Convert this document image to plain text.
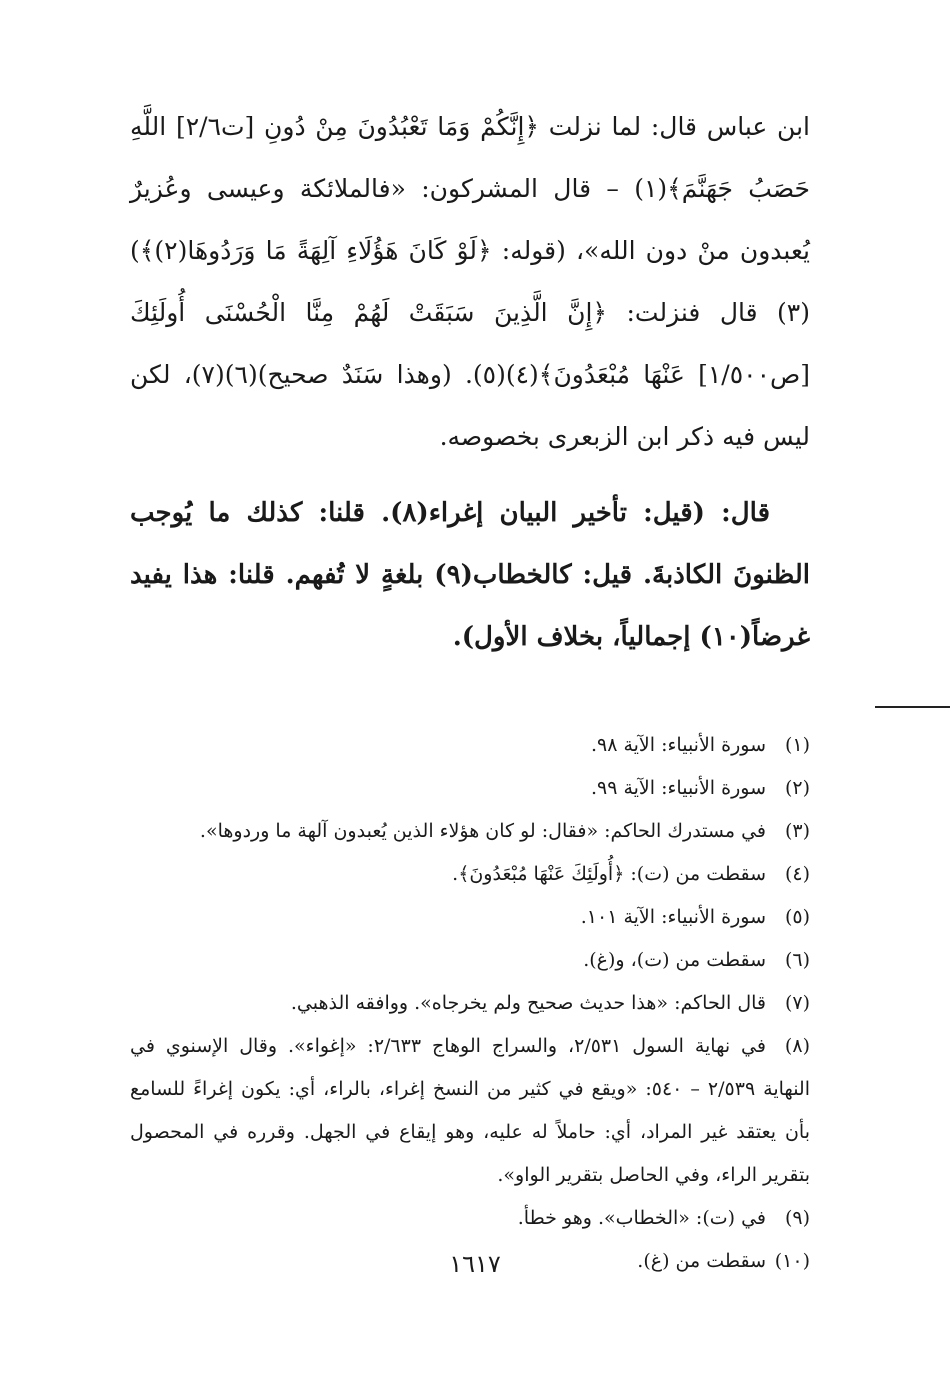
ابن عباس قال: لما نزلت ﴿إِنَّكُمْ وَمَا تَعْبُدُونَ مِنْ دُونِ [ت٢/٦] اللَّهِ حَصَبُ جَهَنَّمَ﴾(١) – قال المشركون: «فالملائكة وعيسى وعُزيرٌ يُعبدون منْ دون الله»، (قوله: ﴿لَوْ كَانَ هَؤُلَاءِ آلِهَةً مَا وَرَدُوهَا(٢)﴾)(٣) قال فنزلت: ﴿إِنَّ الَّذِينَ سَبَقَتْ لَهُمْ مِنَّا الْحُسْنَى أُولَئِكَ [ص١/٥٠٠] عَنْهَا مُبْعَدُونَ﴾(٤)(٥). (وهذا سَنَدٌ صحيح)(٦)(٧)، لكن ليس فيه ذكر ابن الزبعرى بخصوصه.

قال: (قيل: تأخير البيان إغراء(٨). قلنا: كذلك ما يُوجب الظنونَ الكاذبةَ. قيل: كالخطاب(٩) بلغةٍ لا تُفهم. قلنا: هذا يفيد غرضاً(١٠) إجمالياً، بخلاف الأول).

(١)سورة الأنبياء: الآية ٩٨.

(٢)سورة الأنبياء: الآية ٩٩.

(٣)في مستدرك الحاكم: «فقال: لو كان هؤلاء الذين يُعبدون آلهة ما وردوها».

(٤)سقطت من (ت): ﴿أُولَئِكَ عَنْهَا مُبْعَدُونَ﴾.

(٥)سورة الأنبياء: الآية ١٠١.

(٦)سقطت من (ت)، و(غ).

(٧)قال الحاكم: «هذا حديث صحيح ولم يخرجاه». ووافقه الذهبي.

(٨)في نهاية السول ٢/٥٣١، والسراج الوهاج ٢/٦٣٣: «إغواء». وقال الإسنوي في النهاية ٢/٥٣٩ – ٥٤٠: «ويقع في كثير من النسخ إغراء، بالراء، أي: يكون إغراءً للسامع بأن يعتقد غير المراد، أي: حاملاً له عليه، وهو إيقاع في الجهل. وقرره في المحصول بتقرير الراء، وفي الحاصل بتقرير الواو».

(٩)في (ت): «الخطاب». وهو خطأ.

(١٠)سقطت من (غ).

١٦١٧
